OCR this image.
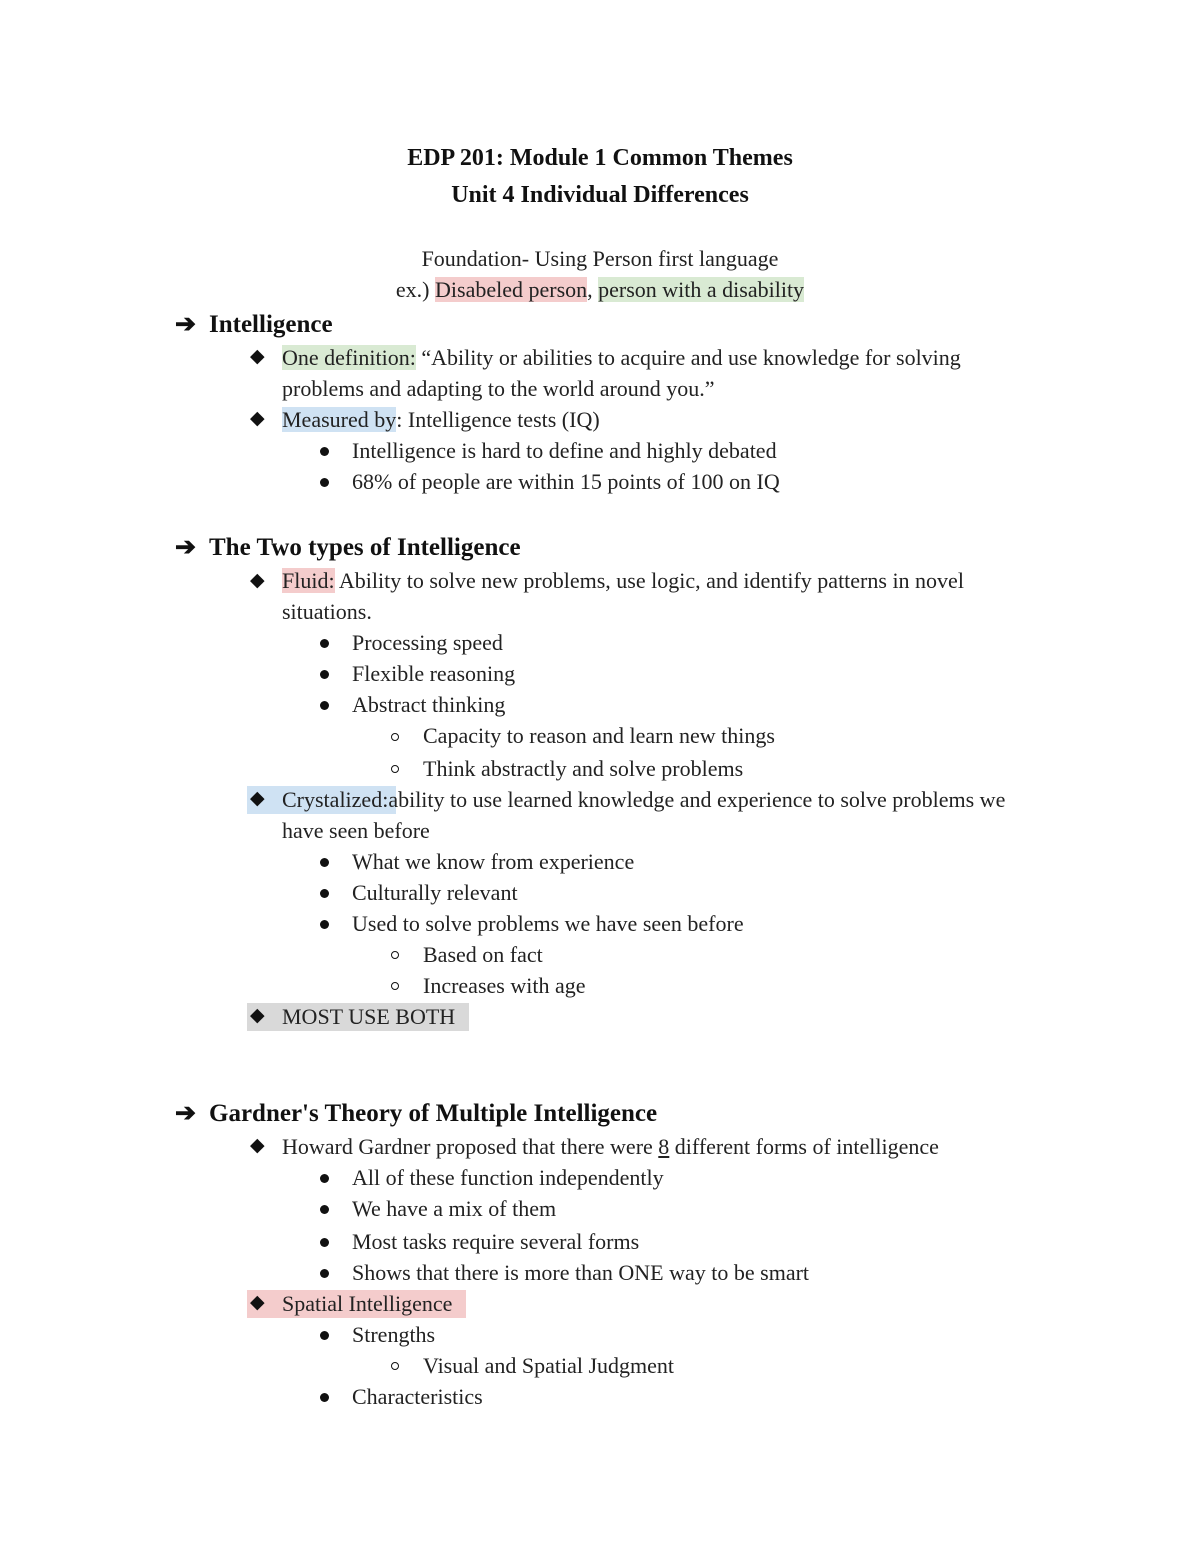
EDP 201: Module 1 Common Themes
Unit 4 Individual Differences
Foundation- Using Person first language
ex.) Disabeled person, person with a disability
➔ Intelligence
◆ One definition: “Ability or abilities to acquire and use knowledge for solving
problems and adapting to the world around you.”
◆ Measured by: Intelligence tests (IQ)
Intelligence is hard to define and highly debated
68% of people are within 15 points of 100 on IQ
➔ The Two types of Intelligence
◆ Fluid: Ability to solve new problems, use logic, and identify patterns in novel
situations.
Processing speed
Flexible reasoning
Abstract thinking
Capacity to reason and learn new things
Think abstractly and solve problems
◆ Crystalized:ability to use learned knowledge and experience to solve problems we
have seen before
What we know from experience
Culturally relevant
Used to solve problems we have seen before
Based on fact
Increases with age
◆ MOST USE BOTH
➔ Gardner's Theory of Multiple Intelligence
◆ Howard Gardner proposed that there were 8 different forms of intelligence
All of these function independently
We have a mix of them
Most tasks require several forms
Shows that there is more than ONE way to be smart
◆ Spatial Intelligence
Strengths
Visual and Spatial Judgment
Characteristics
